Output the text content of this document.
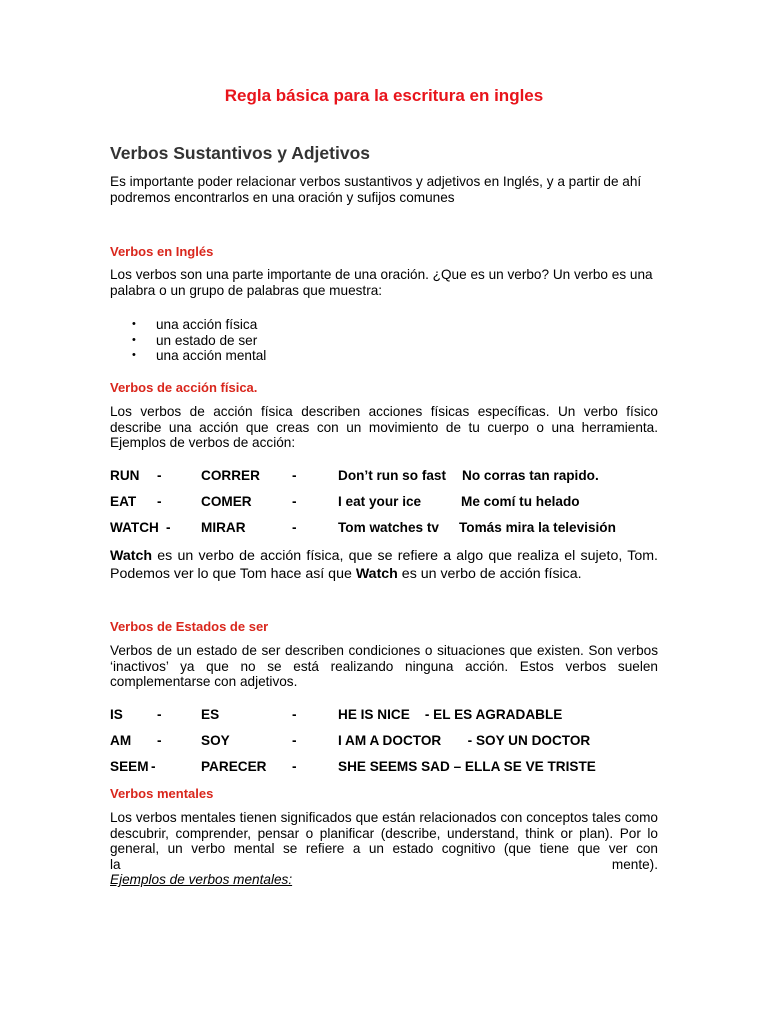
Regla básica para la escritura en ingles
Verbos Sustantivos y Adjetivos
Es importante poder relacionar verbos sustantivos y adjetivos en Inglés, y a partir de ahí podremos encontrarlos en una oración y sufijos comunes
Verbos en Inglés
Los verbos son una parte importante de una oración. ¿Que es un verbo? Un verbo es una palabra o un grupo de palabras que muestra:
• una acción física
• un estado de ser
• una acción mental
Verbos de acción física.
Los verbos de acción física describen acciones físicas específicas. Un verbo físico describe una acción que creas con un movimiento de tu cuerpo o una herramienta. Ejemplos de verbos de acción:
RUN -	CORRER -	Don’t run so fast No corras tan rapido.
EAT -	COMER	-	I eat your ice	Me comí tu helado
WATCH - MIRAR	-	Tom watches tv Tomás mira la televisión
Watch es un verbo de acción física, que se refiere a algo que realiza el sujeto, Tom. Podemos ver lo que Tom hace así que Watch es un verbo de acción física.
Verbos de Estados de ser
Verbos de un estado de ser describen condiciones o situaciones que existen. Son verbos ‘inactivos’ ya que no se está realizando ninguna acción. Estos verbos suelen complementarse con adjetivos.
IS	-	ES	-	HE IS NICE    - EL ES AGRADABLE
AM -	SOY	-	I AM A DOCTOR       - SOY UN DOCTOR
SEEM -	PARECER -	SHE SEEMS SAD – ELLA SE VE TRISTE
Verbos mentales
Los verbos mentales tienen significados que están relacionados con conceptos tales como descubrir, comprender, pensar o planificar (describe, understand, think or plan). Por lo general, un verbo mental se refiere a un estado cognitivo (que tiene que ver con
la	mente).
Ejemplos de verbos mentales:
